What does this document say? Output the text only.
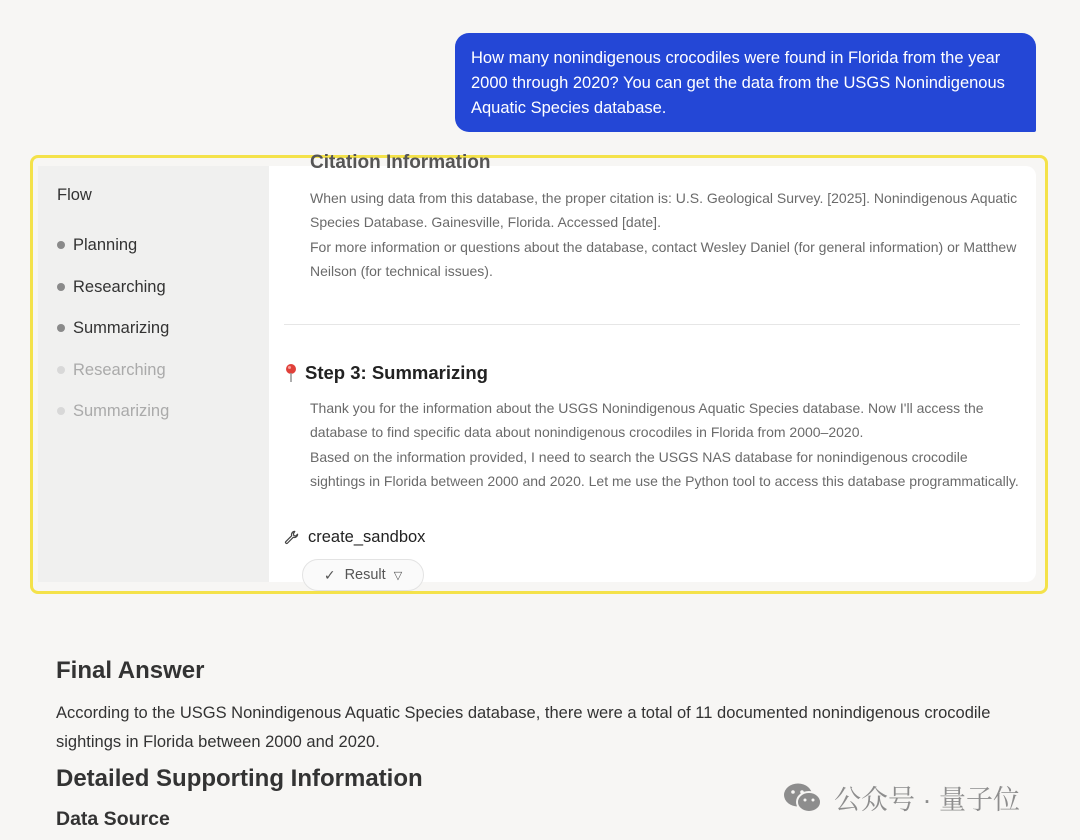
How many nonindigenous crocodiles were found in Florida from the year 2000 through 2020? You can get the data from the USGS Nonindigenous Aquatic Species database.
Flow
Planning
Researching
Summarizing
Researching
Summarizing
Citation Information
When using data from this database, the proper citation is: U.S. Geological Survey. [2025]. Nonindigenous Aquatic Species Database. Gainesville, Florida. Accessed [date].
For more information or questions about the database, contact Wesley Daniel (for general information) or Matthew Neilson (for technical issues).
Step 3: Summarizing
Thank you for the information about the USGS Nonindigenous Aquatic Species database. Now I'll access the database to find specific data about nonindigenous crocodiles in Florida from 2000–2020.
Based on the information provided, I need to search the USGS NAS database for nonindigenous crocodile sightings in Florida between 2000 and 2020. Let me use the Python tool to access this database programmatically.
create_sandbox
✓ Result ▽
Final Answer
According to the USGS Nonindigenous Aquatic Species database, there were a total of 11 documented nonindigenous crocodile sightings in Florida between 2000 and 2020.
Detailed Supporting Information
Data Source
公众号 · 量子位
